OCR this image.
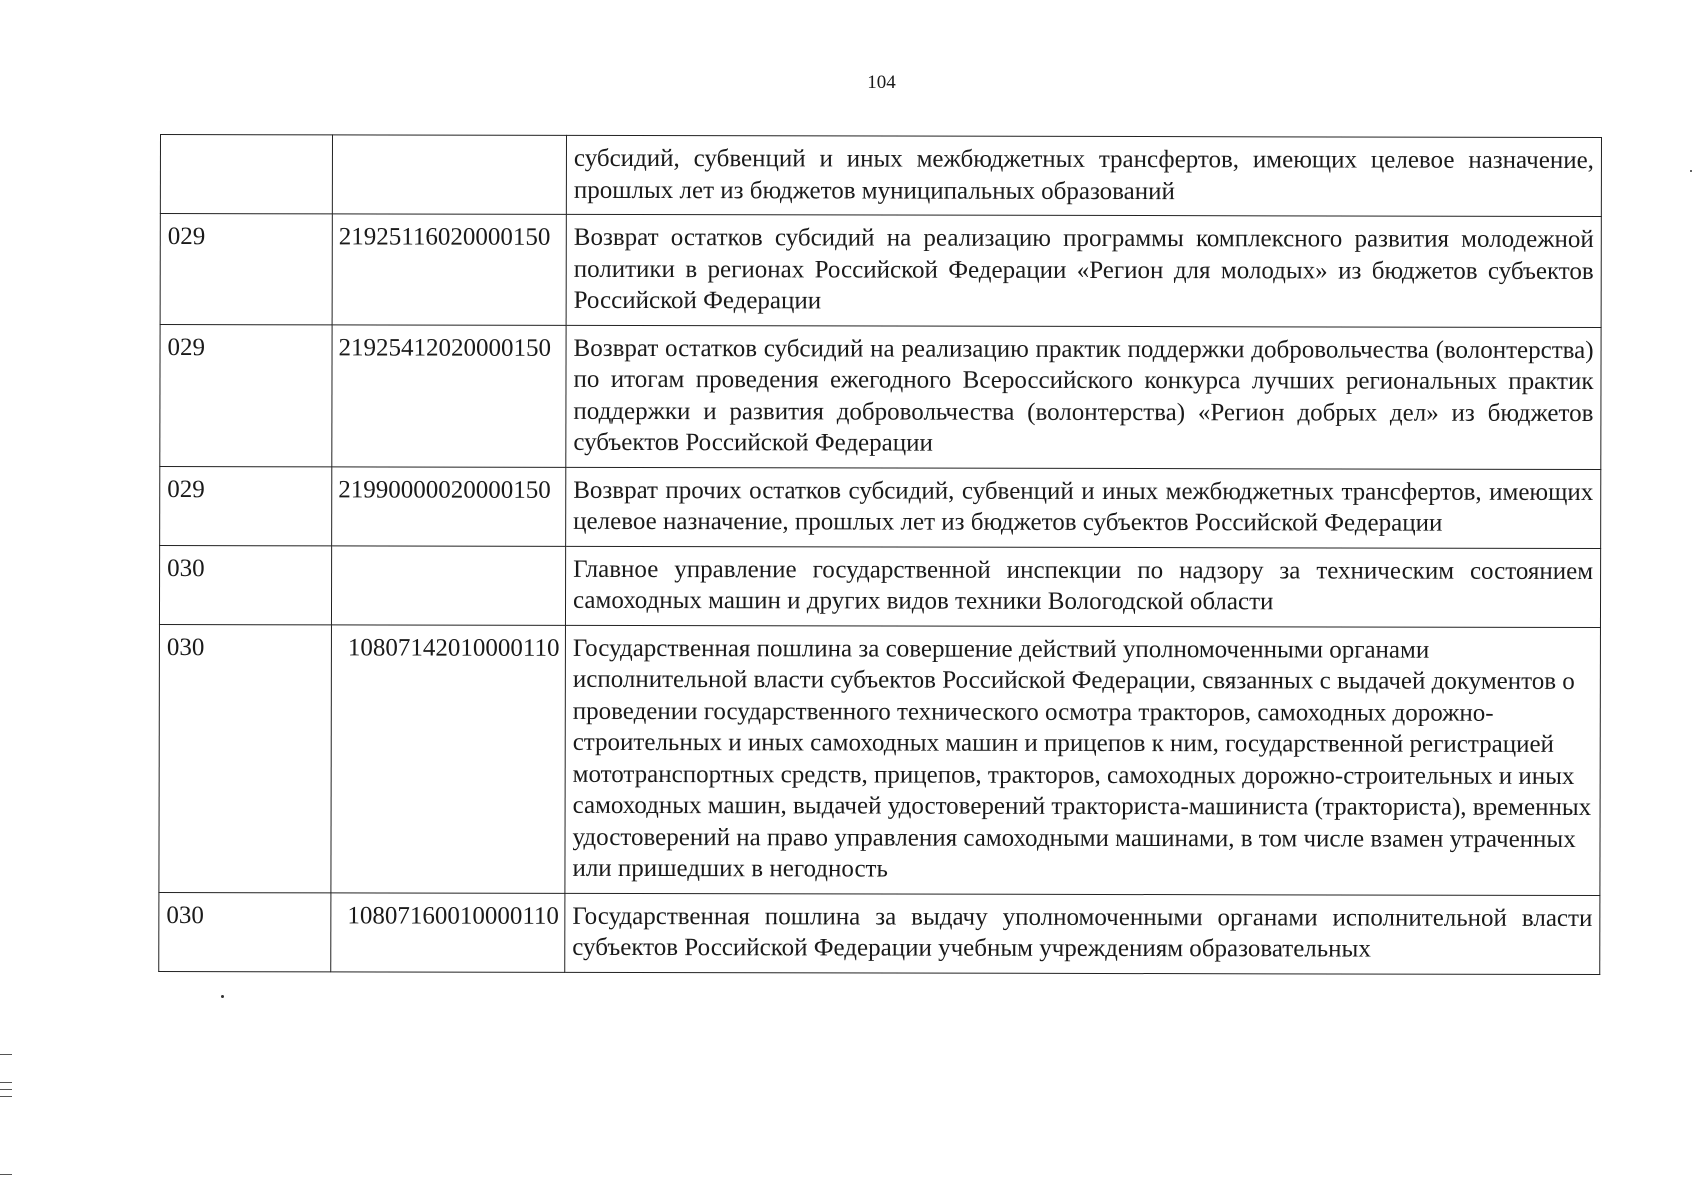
104
		субсидий, субвенций и иных межбюджетных трансфертов, имеющих целевое назначение, прошлых лет из бюджетов муниципальных образований
029	21925116020000150	Возврат остатков субсидий на реализацию программы комплексного развития молодежной политики в регионах Российской Федерации «Регион для молодых» из бюджетов субъектов Российской Федерации
029	21925412020000150	Возврат остатков субсидий на реализацию практик поддержки добровольчества (волонтерства) по итогам проведения ежегодного Всероссийского конкурса лучших региональных практик поддержки и развития добровольчества (волонтерства) «Регион добрых дел» из бюджетов субъектов Российской Федерации
029	21990000020000150	Возврат прочих остатков субсидий, субвенций и иных межбюджетных трансфертов, имеющих целевое назначение, прошлых лет из бюджетов субъектов Российской Федерации
030		Главное управление государственной инспекции по надзору за техническим состоянием самоходных машин и других видов техники Вологодской области
030	10807142010000110	Государственная пошлина за совершение действий уполномоченными органами исполнительной власти субъектов Российской Федерации, связанных с выдачей документов о проведении государственного технического осмотра тракторов, самоходных дорожно-строительных и иных самоходных машин и прицепов к ним, государственной регистрацией мототранспортных средств, прицепов, тракторов, самоходных дорожно-строительных и иных самоходных машин, выдачей удостоверений тракториста-машиниста (тракториста), временных удостоверений на право управления самоходными машинами, в том числе взамен утраченных или пришедших в негодность
030	10807160010000110	Государственная пошлина за выдачу уполномоченными органами исполнительной власти субъектов Российской Федерации учебным учреждениям образовательных
